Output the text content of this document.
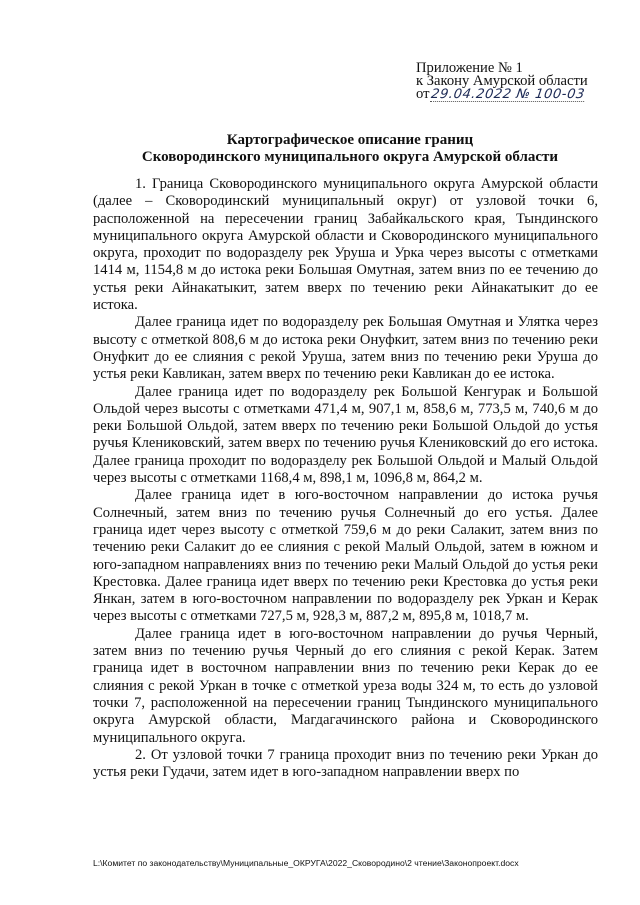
Приложение № 1
к Закону Амурской области
от29.04.2022 № 100-03
Картографическое описание границ
Сковородинского муниципального округа Амурской области

1. Граница Сковородинского муниципального округа Амурской области (далее – Сковородинский муниципальный округ) от узловой точки 6, расположенной на пересечении границ Забайкальского края, Тындинского муниципального округа Амурской области и Сковородинского муниципального округа, проходит по водоразделу рек Уруша и Урка через высоты с отметками 1414 м, 1154,8 м до истока реки Большая Омутная, затем вниз по ее течению до устья реки Айнакатыкит, затем вверх по течению реки Айнакатыкит до ее истока.

Далее граница идет по водоразделу рек Большая Омутная и Улятка через высоту с отметкой 808,6 м до истока реки Онуфкит, затем вниз по течению реки Онуфкит до ее слияния с рекой Уруша, затем вниз по течению реки Уруша до устья реки Кавликан, затем вверх по течению реки Кавликан до ее истока.

Далее граница идет по водоразделу рек Большой Кенгурак и Большой Ольдой через высоты с отметками 471,4 м, 907,1 м, 858,6 м, 773,5 м, 740,6 м до реки Большой Ольдой, затем вверх по течению реки Большой Ольдой до устья ручья Клениковский, затем вверх по течению ручья Клениковский до его истока. Далее граница проходит по водоразделу рек Большой Ольдой и Малый Ольдой через высоты с отметками 1168,4 м, 898,1 м, 1096,8 м, 864,2 м.

Далее граница идет в юго-восточном направлении до истока ручья Солнечный, затем вниз по течению ручья Солнечный до его устья. Далее граница идет через высоту с отметкой 759,6 м до реки Салакит, затем вниз по течению реки Салакит до ее слияния с рекой Малый Ольдой, затем в южном и юго-западном направлениях вниз по течению реки Малый Ольдой до устья реки Крестовка. Далее граница идет вверх по течению реки Крестовка до устья реки Янкан, затем в юго-восточном направлении по водоразделу рек Уркан и Керак через высоты с отметками 727,5 м, 928,3 м, 887,2 м, 895,8 м, 1018,7 м.

Далее граница идет в юго-восточном направлении до ручья Черный, затем вниз по течению ручья Черный до его слияния с рекой Керак. Затем граница идет в восточном направлении вниз по течению реки Керак до ее слияния с рекой Уркан в точке с отметкой уреза воды 324 м, то есть до узловой точки 7, расположенной на пересечении границ Тындинского муниципального округа Амурской области, Магдагачинского района и Сковородинского муниципального округа.

2. От узловой точки 7 граница проходит вниз по течению реки Уркан до устья реки Гудачи, затем идет в юго-западном направлении вверх по

L:\Комитет по законодательству\Муниципальные_ОКРУГА\2022_Сковородино\2 чтение\Законопроект.docx
